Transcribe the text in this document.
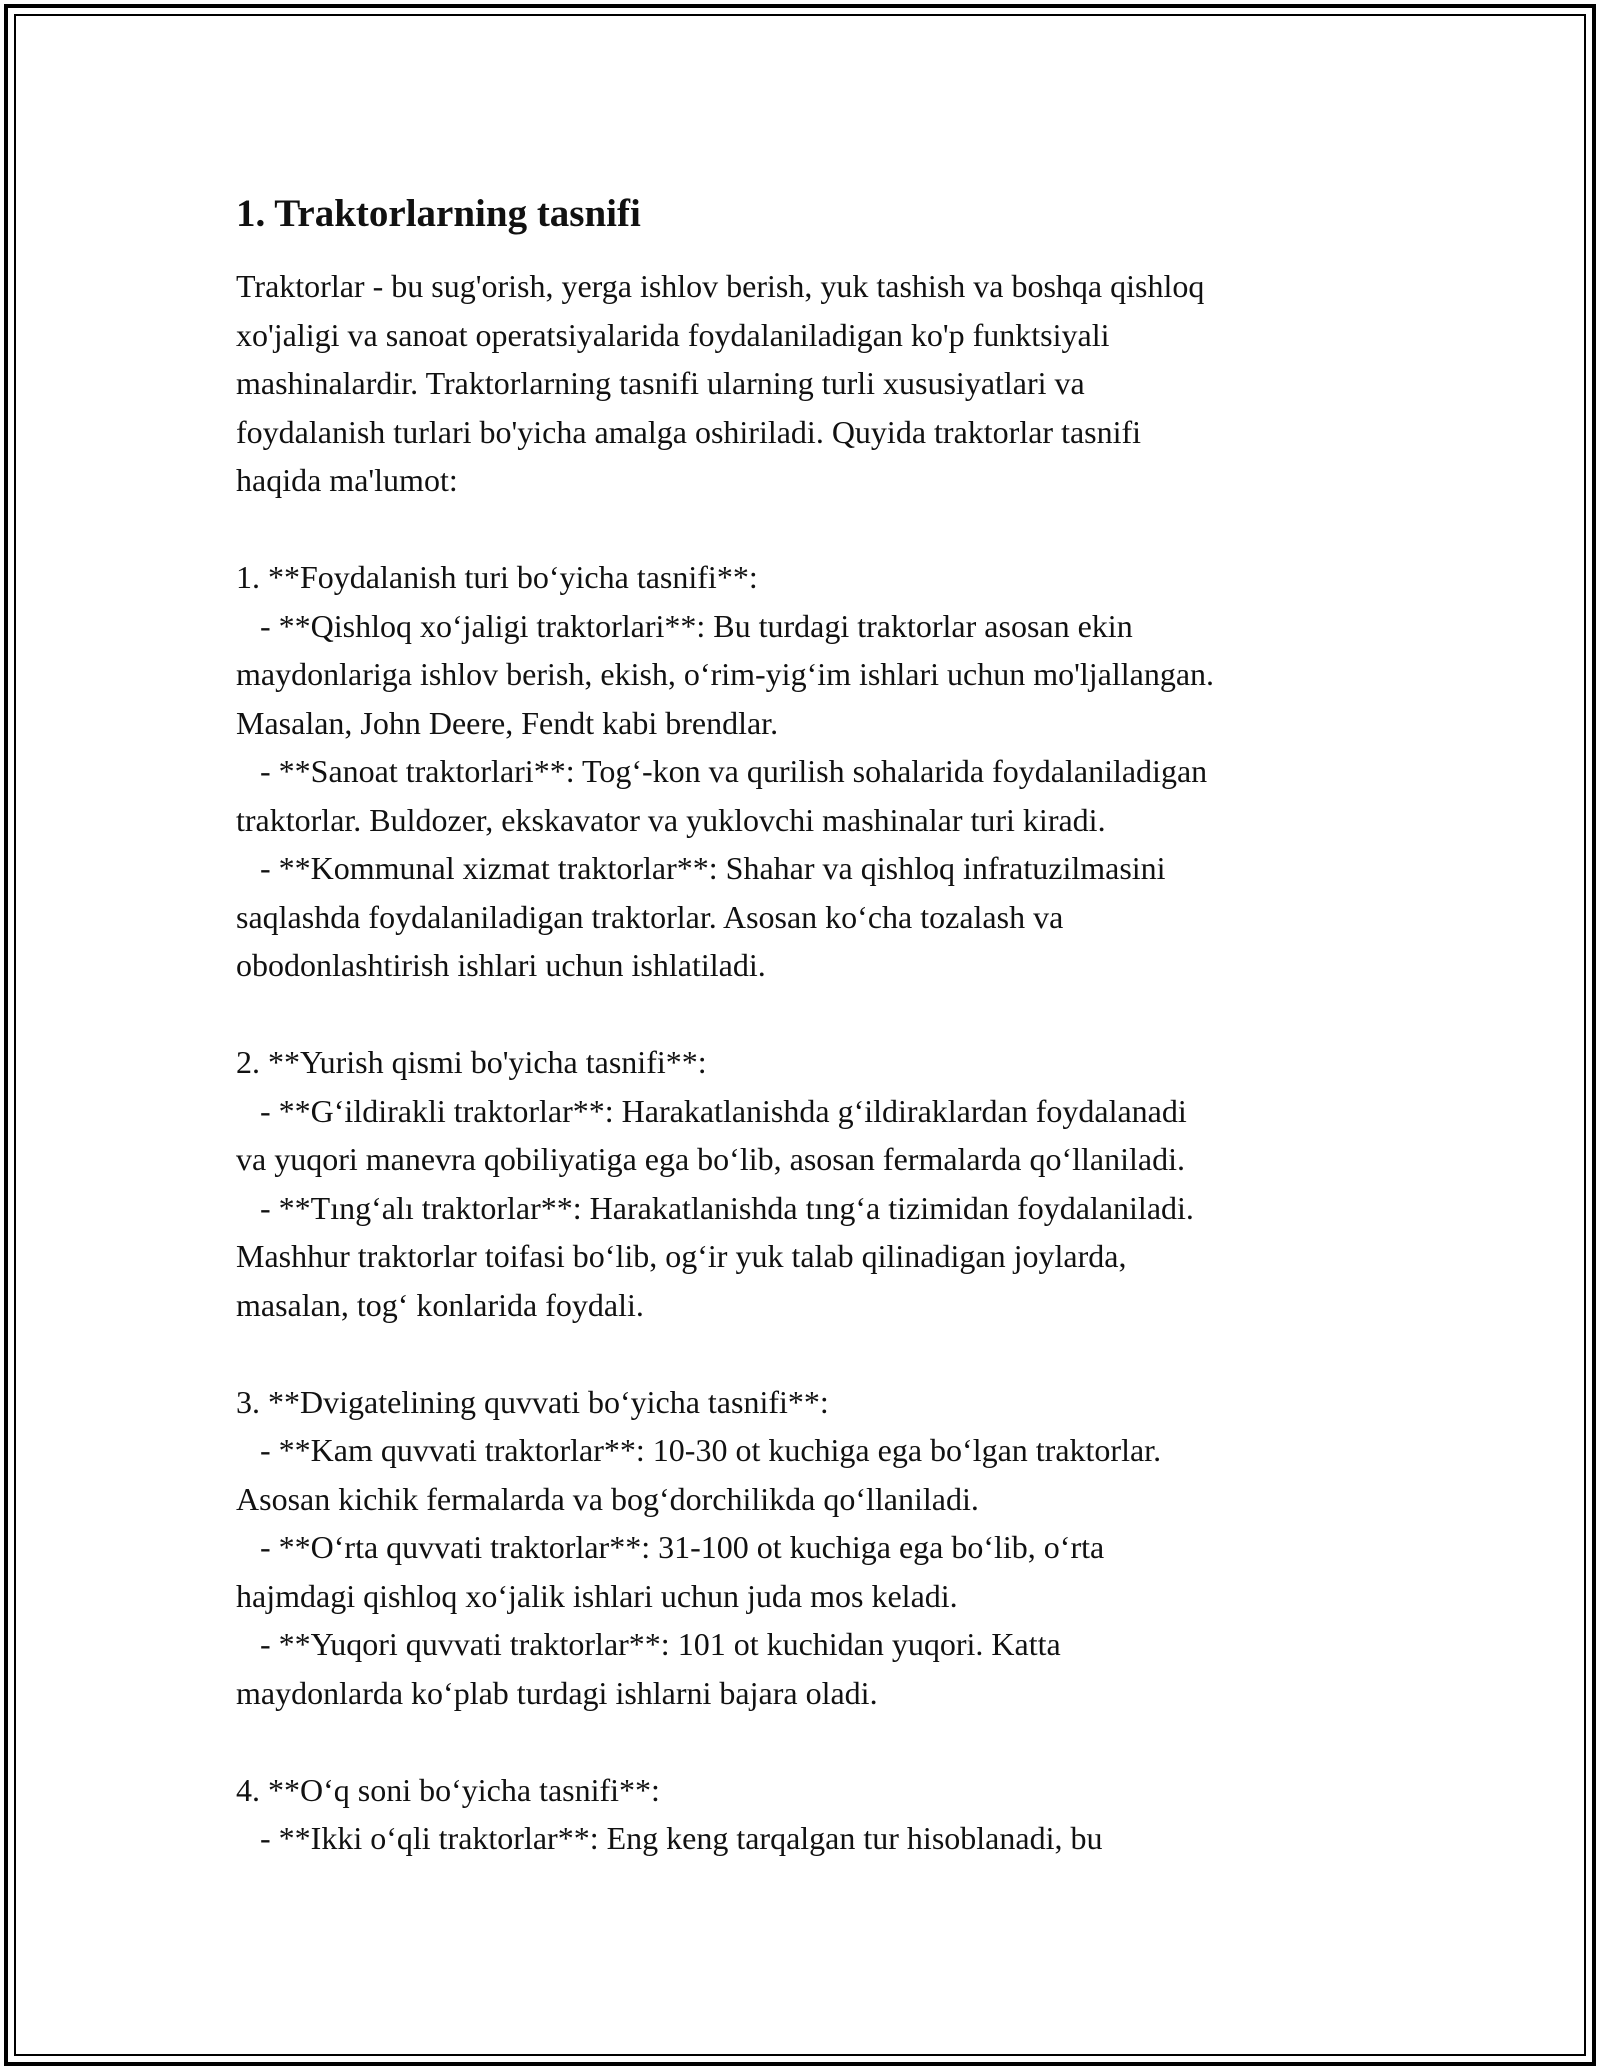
1. Traktorlarning tasnifi
Traktorlar - bu sug'orish, yerga ishlov berish, yuk tashish va boshqa qishloq
xo'jaligi va sanoat operatsiyalarida foydalaniladigan ko'p funktsiyali
mashinalardir. Traktorlarning tasnifi ularning turli xususiyatlari va
foydalanish turlari bo'yicha amalga oshiriladi. Quyida traktorlar tasnifi
haqida ma'lumot:
1. **Foydalanish turi bo‘yicha tasnifi**:
- **Qishloq xo‘jaligi traktorlari**: Bu turdagi traktorlar asosan ekin
maydonlariga ishlov berish, ekish, o‘rim-yig‘im ishlari uchun mo'ljallangan.
Masalan, John Deere, Fendt kabi brendlar.
- **Sanoat traktorlari**: Tog‘-kon va qurilish sohalarida foydalaniladigan
traktorlar. Buldozer, ekskavator va yuklovchi mashinalar turi kiradi.
- **Kommunal xizmat traktorlar**: Shahar va qishloq infratuzilmasini
saqlashda foydalaniladigan traktorlar. Asosan ko‘cha tozalash va
obodonlashtirish ishlari uchun ishlatiladi.
2. **Yurish qismi bo'yicha tasnifi**:
- **G‘ildirakli traktorlar**: Harakatlanishda g‘ildiraklardan foydalanadi
va yuqori manevra qobiliyatiga ega bo‘lib, asosan fermalarda qo‘llaniladi.
- **Tıng‘alı traktorlar**: Harakatlanishda tıng‘a tizimidan foydalaniladi.
Mashhur traktorlar toifasi bo‘lib, og‘ir yuk talab qilinadigan joylarda,
masalan, tog‘ konlarida foydali.
3. **Dvigatelining quvvati bo‘yicha tasnifi**:
- **Kam quvvati traktorlar**: 10-30 ot kuchiga ega bo‘lgan traktorlar.
Asosan kichik fermalarda va bog‘dorchilikda qo‘llaniladi.
- **O‘rta quvvati traktorlar**: 31-100 ot kuchiga ega bo‘lib, o‘rta
hajmdagi qishloq xo‘jalik ishlari uchun juda mos keladi.
- **Yuqori quvvati traktorlar**: 101 ot kuchidan yuqori. Katta
maydonlarda ko‘plab turdagi ishlarni bajara oladi.
4. **O‘q soni bo‘yicha tasnifi**:
- **Ikki o‘qli traktorlar**: Eng keng tarqalgan tur hisoblanadi, bu
